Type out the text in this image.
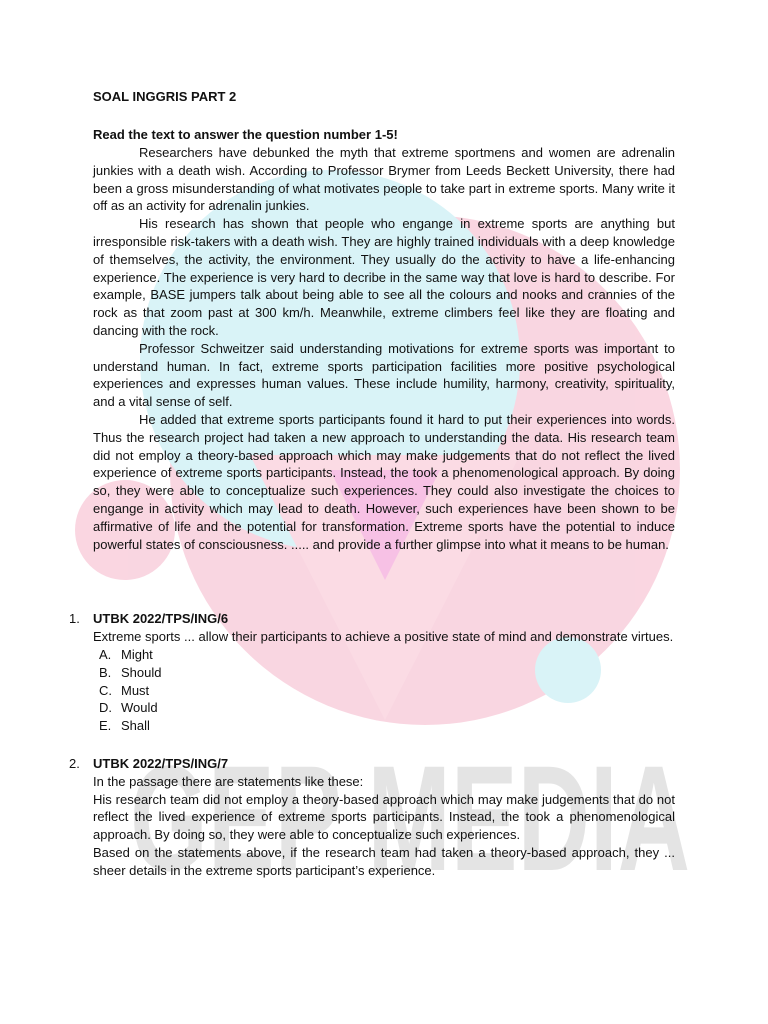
GEP MEDIA
SOAL INGGRIS PART 2

Read the text to answer the question number 1-5!

Researchers have debunked the myth that extreme sportmens and women are adrenalin junkies with a death wish. According to Professor Brymer from Leeds Beckett University, there had been a gross misunderstanding of what motivates people to take part in extreme sports. Many write it off as an activity for adrenalin junkies.

His research has shown that people who engange in extreme sports are anything but irresponsible risk-takers with a death wish. They are highly trained individuals with a deep knowledge of themselves, the activity, the environment. They usually do the activity to have a life-enhancing experience. The experience is very hard to decribe in the same way that love is hard to describe. For example, BASE jumpers talk about being able to see all the colours and nooks and crannies of the rock as that zoom past at 300 km/h. Meanwhile, extreme climbers feel like they are floating and dancing with the rock.

Professor Schweitzer said understanding motivations for extreme sports was important to understand human. In fact, extreme sports participation facilities more positive psychological experiences and expresses human values. These include humility, harmony, creativity, spirituality, and a vital sense of self.

He added that extreme sports participants found it hard to put their experiences into words. Thus the research project had taken a new approach to understanding the data. His research team did not employ a theory-based approach which may make judgements that do not reflect the lived experience of extreme sports participants. Instead, the took a phenomenological approach. By doing so, they were able to conceptualize such experiences. They could also investigate the choices to engange in activity which may lead to death. However, such experiences have been shown to be affirmative of life and the potential for transformation. Extreme sports have the potential to induce powerful states of consciousness. ..... and provide a further glimpse into what it means to be human.

1. UTBK 2022/TPS/ING/6

Extreme sports ... allow their participants to achieve a positive state of mind and demonstrate virtues.

A. Might
B. Should
C. Must
D. Would
E. Shall
2. UTBK 2022/TPS/ING/7

In the passage there are statements like these:

His research team did not employ a theory-based approach which may make judgements that do not reflect the lived experience of extreme sports participants. Instead, the took a phenomenological approach. By doing so, they were able to conceptualize such experiences.

Based on the statements above, if the research team had taken a theory-based approach, they ... sheer details in the extreme sports participant’s experience.
